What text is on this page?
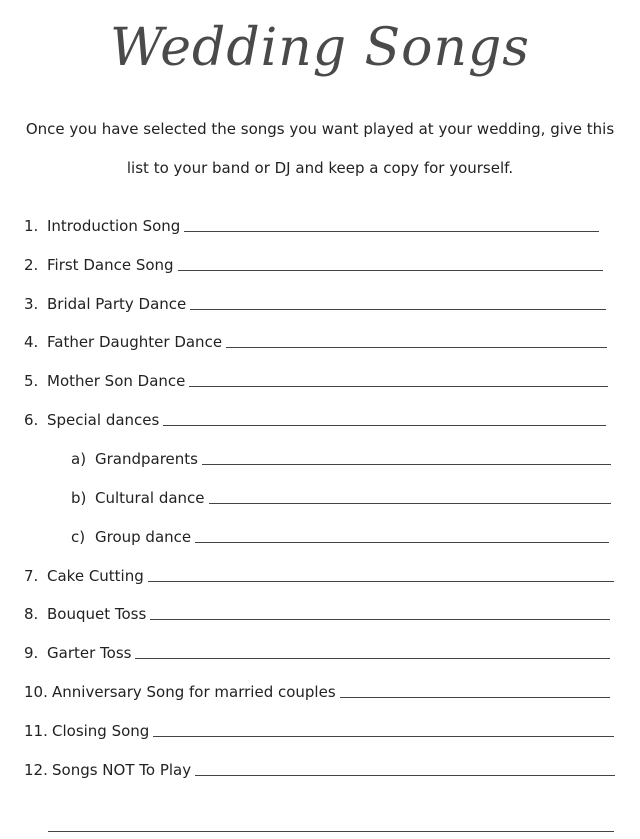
Wedding Songs
Once you have selected the songs you want played at your wedding, give this
list to your band or DJ and keep a copy for yourself.
1. Introduction Song
2. First Dance Song
3. Bridal Party Dance
4. Father Daughter Dance
5. Mother Son Dance
6. Special dances
a) Grandparents
b) Cultural dance
c) Group dance
7. Cake Cutting
8. Bouquet Toss
9. Garter Toss
10. Anniversary Song for married couples
11. Closing Song
12. Songs NOT To Play
